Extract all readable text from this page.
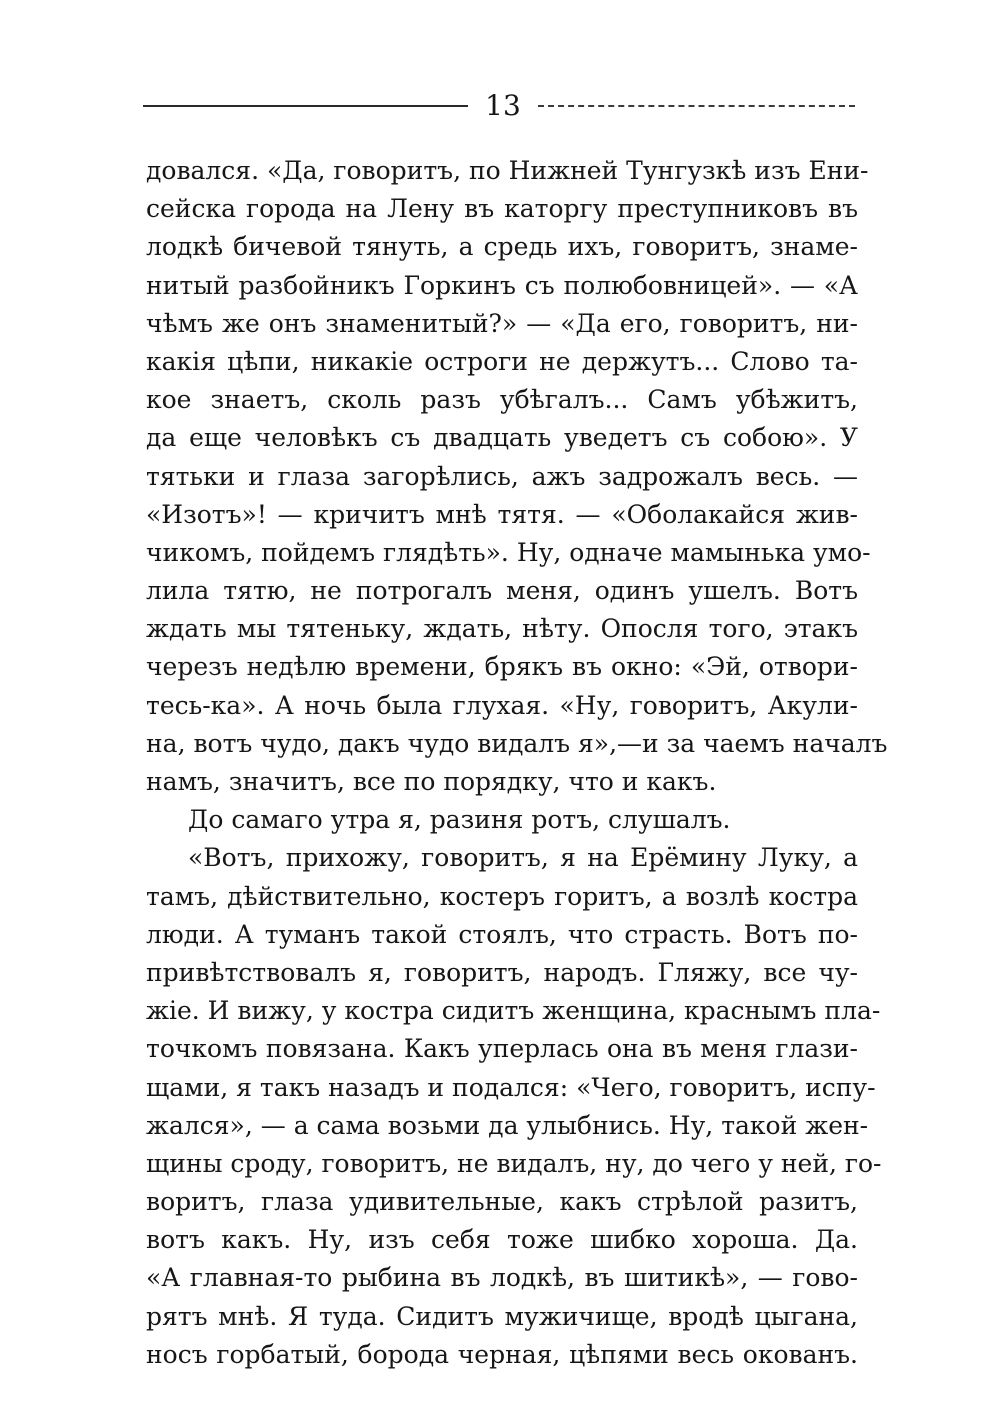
13
довался. «Да, говоритъ, по Нижней Тунгузкѣ изъ Ени-
сейска города на Лену въ каторгу преступниковъ въ
лодкѣ бичевой тянуть, а средь ихъ, говоритъ, знаме-
нитый разбойникъ Горкинъ съ полюбовницей». — «А
чѣмъ же онъ знаменитый?» — «Да его, говоритъ, ни-
какія цѣпи, никакіе остроги не держутъ... Слово та-
кое знаетъ, сколь разъ убѣгалъ... Самъ убѣжитъ,
да еще человѣкъ съ двадцать уведетъ съ собою». У
тятьки и глаза загорѣлись, ажъ задрожалъ весь. —
«Изотъ»! — кричитъ мнѣ тятя. — «Оболакайся жив-
чикомъ, пойдемъ глядѣть». Ну, одначе мамынька умо-
лила тятю, не потрогалъ меня, одинъ ушелъ. Вотъ
ждать мы тятеньку, ждать, нѣту. Опосля того, этакъ
черезъ недѣлю времени, брякъ въ окно: «Эй, отвори-
тесь-ка». А ночь была глухая. «Ну, говоритъ, Акули-
на, вотъ чудо, дакъ чудо видалъ я»,—и за чаемъ началъ
намъ, значитъ, все по порядку, что и какъ.
До самаго утра я, разиня ротъ, слушалъ.
«Вотъ, прихожу, говоритъ, я на Ерёмину Луку, а
тамъ, дѣйствительно, костеръ горитъ, а возлѣ костра
люди. А туманъ такой стоялъ, что страсть. Вотъ по-
привѣтствовалъ я, говоритъ, народъ. Гляжу, все чу-
жіе. И вижу, у костра сидитъ женщина, краснымъ пла-
точкомъ повязана. Какъ уперлась она въ меня глази-
щами, я такъ назадъ и подался: «Чего, говоритъ, испу-
жался», — а сама возьми да улыбнись. Ну, такой жен-
щины сроду, говоритъ, не видалъ, ну, до чего у ней, го-
воритъ, глаза удивительные, какъ стрѣлой разитъ,
вотъ какъ. Ну, изъ себя тоже шибко хороша. Да.
«А главная-то рыбина въ лодкѣ, въ шитикѣ», — гово-
рятъ мнѣ. Я туда. Сидитъ мужичище, вродѣ цыгана,
носъ горбатый, борода черная, цѣпями весь окованъ.
